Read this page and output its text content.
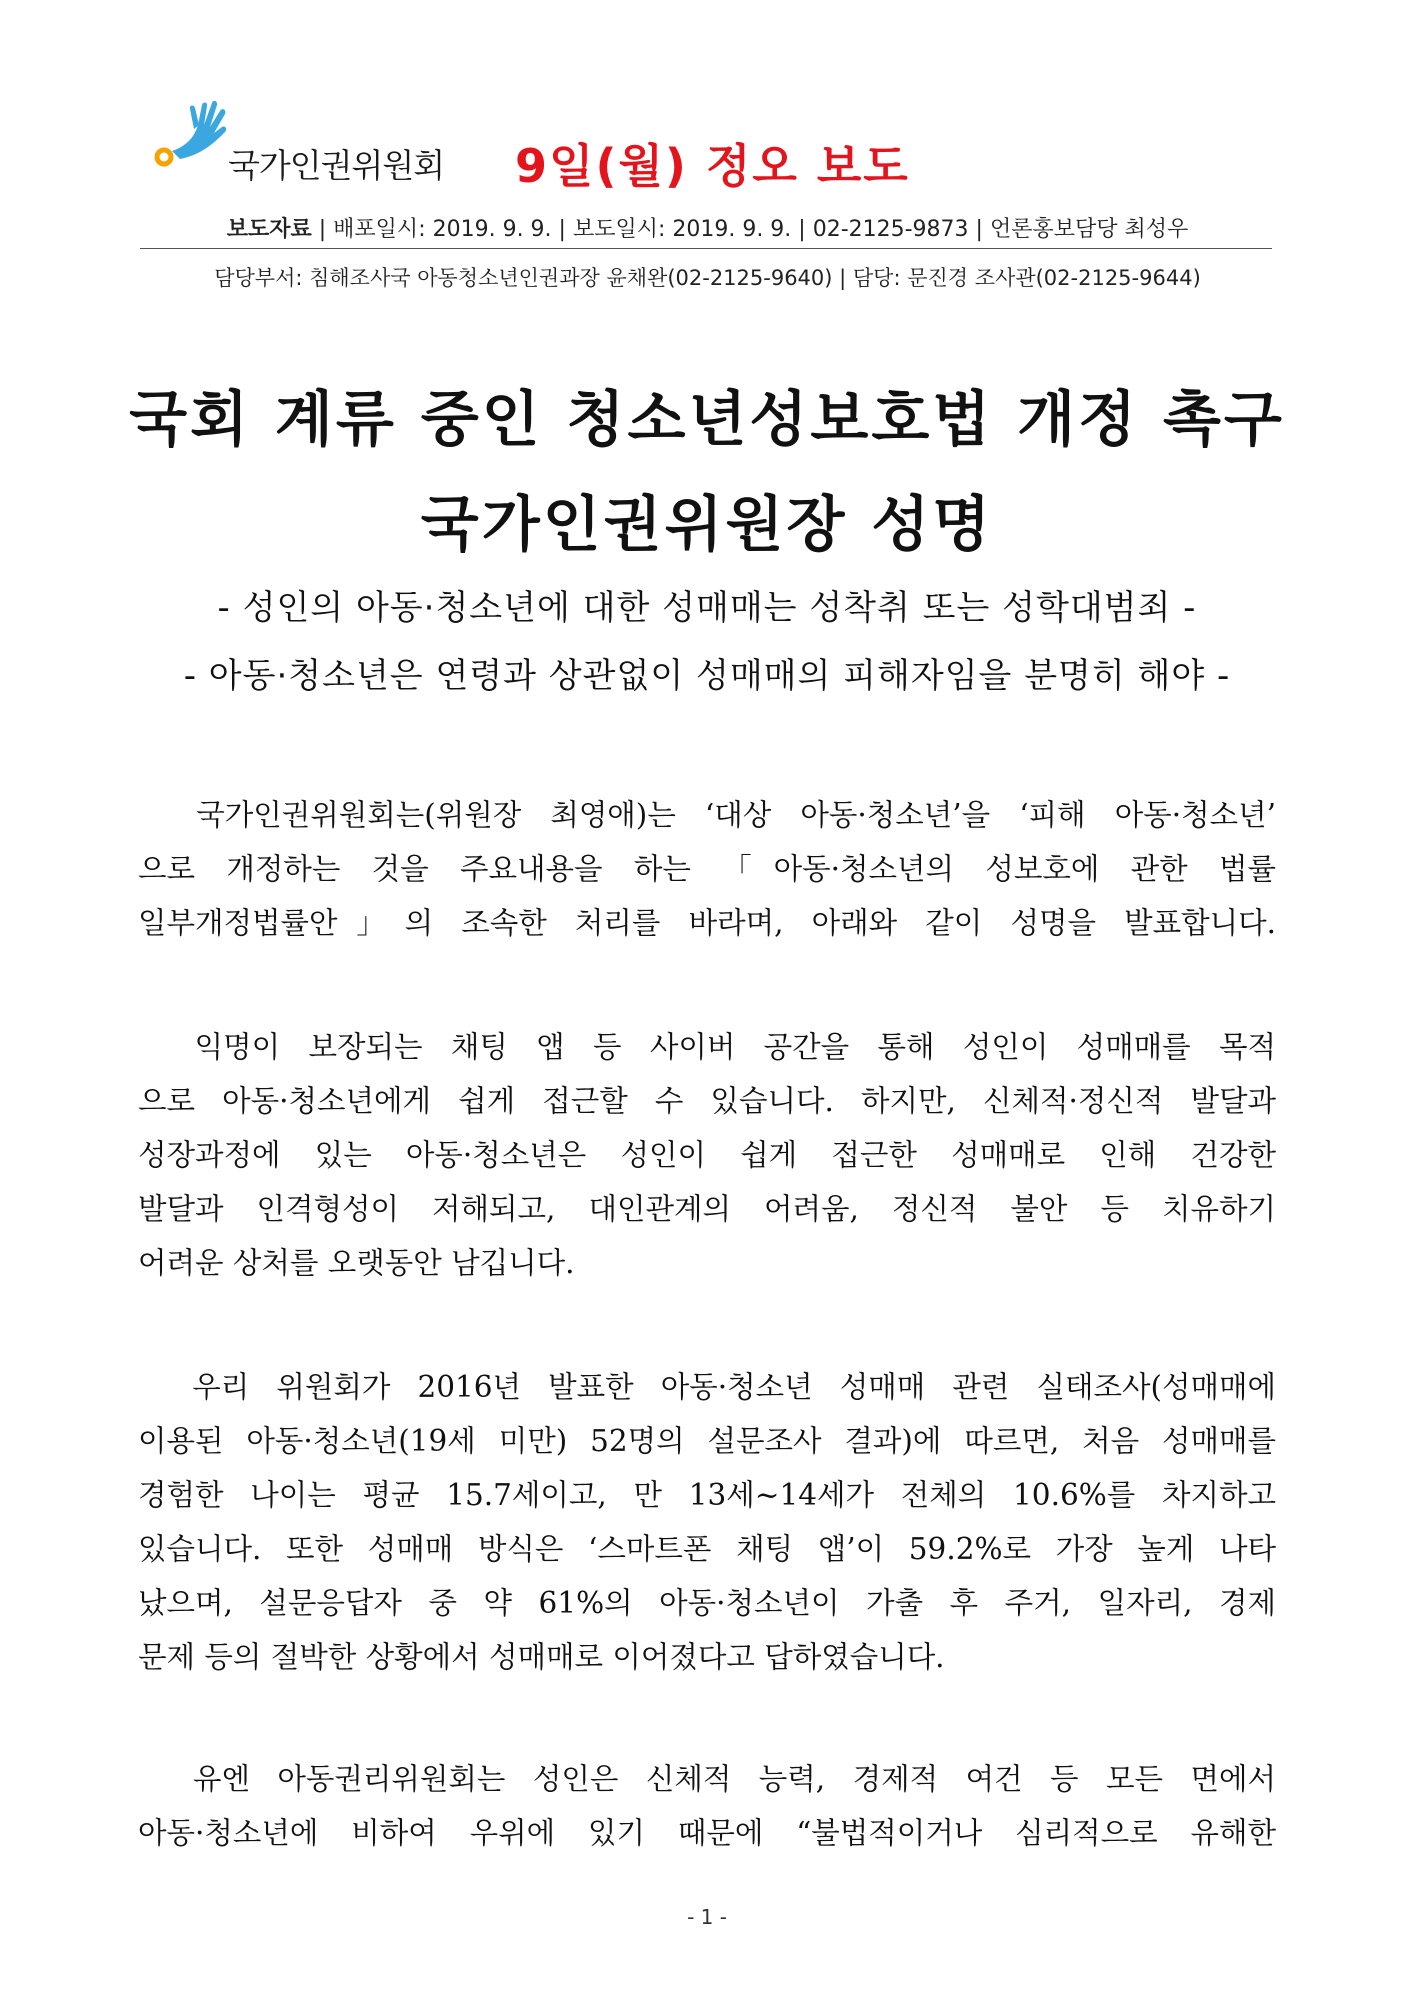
국가인권위원회 9일(월) 정오 보도
보도자료 | 배포일시: 2019. 9. 9. | 보도일시: 2019. 9. 9. | 02-2125-9873 | 언론홍보담당 최성우
담당부서: 침해조사국 아동청소년인권과장 윤채완(02-2125-9640) | 담당: 문진경 조사관(02-2125-9644)
국회 계류 중인 청소년성보호법 개정 촉구
국가인권위원장 성명
- 성인의 아동·청소년에 대한 성매매는 성착취 또는 성학대범죄 -
- 아동·청소년은 연령과 상관없이 성매매의 피해자임을 분명히 해야 -
국가인권위원회는(위원장 최영애)는 ‘대상 아동·청소년’을 ‘피해 아동·청소년’
으로 개정하는 것을 주요내용을 하는 「아동·청소년의 성보호에 관한 법률
일부개정법률안」의 조속한 처리를 바라며, 아래와 같이 성명을 발표합니다.
익명이 보장되는 채팅 앱 등 사이버 공간을 통해 성인이 성매매를 목적
으로 아동·청소년에게 쉽게 접근할 수 있습니다. 하지만, 신체적·정신적 발달과
성장과정에 있는 아동·청소년은 성인이 쉽게 접근한 성매매로 인해 건강한
발달과 인격형성이 저해되고, 대인관계의 어려움, 정신적 불안 등 치유하기
어려운 상처를 오랫동안 남깁니다.
우리 위원회가 2016년 발표한 아동·청소년 성매매 관련 실태조사(성매매에
이용된 아동·청소년(19세 미만) 52명의 설문조사 결과)에 따르면, 처음 성매매를
경험한 나이는 평균 15.7세이고, 만 13세~14세가 전체의 10.6%를 차지하고
있습니다. 또한 성매매 방식은 ‘스마트폰 채팅 앱’이 59.2%로 가장 높게 나타
났으며, 설문응답자 중 약 61%의 아동·청소년이 가출 후 주거, 일자리, 경제
문제 등의 절박한 상황에서 성매매로 이어졌다고 답하였습니다.
유엔 아동권리위원회는 성인은 신체적 능력, 경제적 여건 등 모든 면에서
아동·청소년에 비하여 우위에 있기 때문에 “불법적이거나 심리적으로 유해한
- 1 -
